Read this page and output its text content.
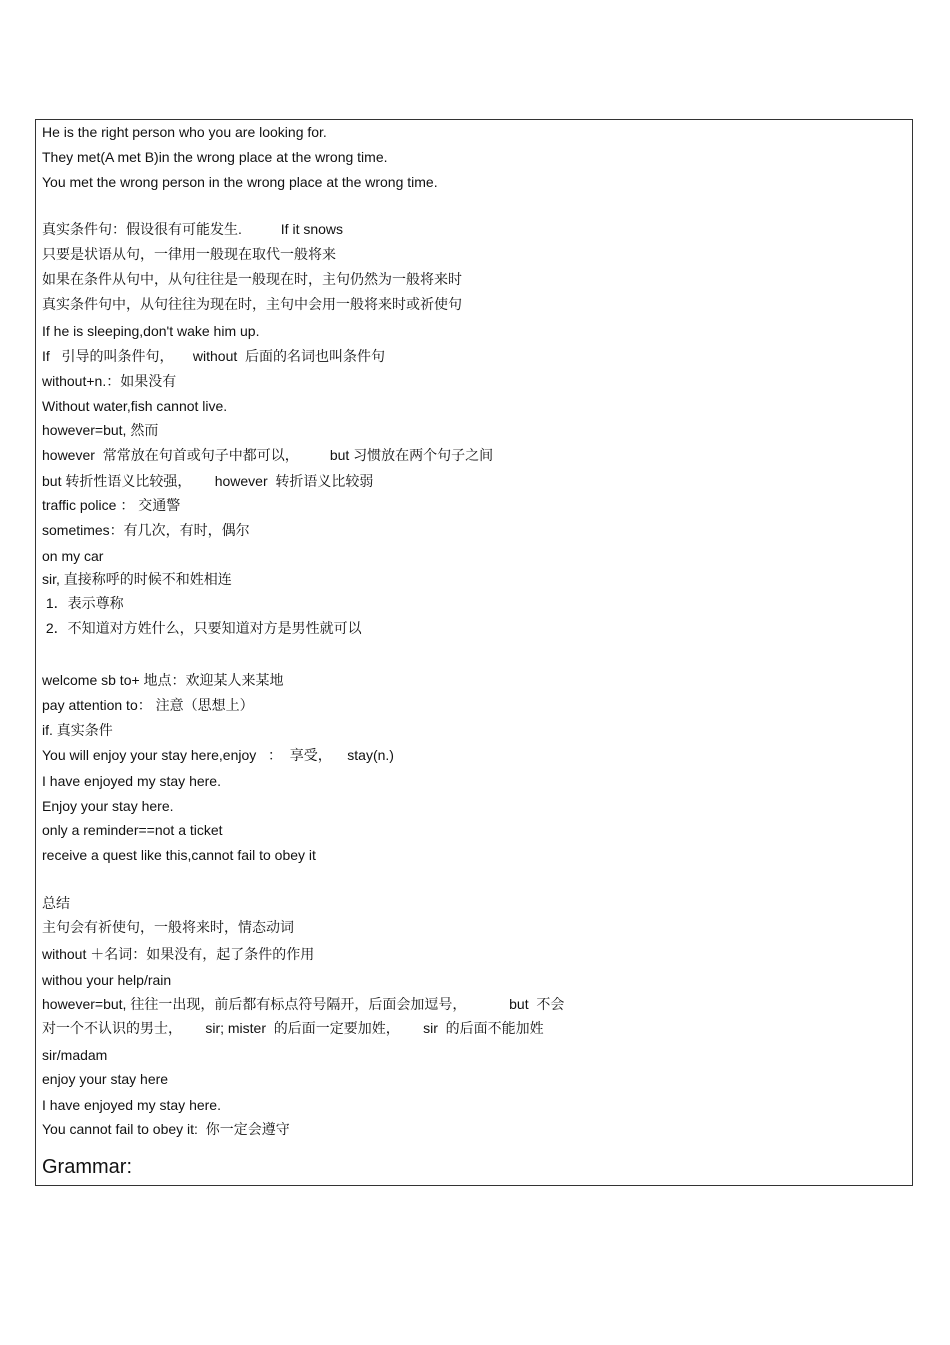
He is the right person who you are looking for.
They met(A met B)in the wrong place at the wrong time.
You met the wrong person in the wrong place at the wrong time.
真实条件句：假设很有可能发生.          If it snows
只要是状语从句，一律用一般现在取代一般将来
如果在条件从句中，从句往往是一般现在时，主句仍然为一般将来时
真实条件句中，从句往往为现在时，主句中会用一般将来时或祈使句
If he is sleeping,don't wake him up.
If   引导的叫条件句，     without  后面的名词也叫条件句
without+n.：如果没有
Without water,fish cannot live.
however=but, 然而
however  常常放在句首或句子中都可以，        but 习惯放在两个句子之间
but 转折性语义比较强，      however  转折语义比较弱
traffic police ： 交通警
sometimes：有几次，有时，偶尔
on my car
sir, 直接称呼的时候不和姓相连
1．表示尊称
2．不知道对方姓什么，只要知道对方是男性就可以
welcome sb to+ 地点：欢迎某人来某地
pay attention to： 注意（思想上）
if. 真实条件
You will enjoy your stay here,enjoy   ：  享受，    stay(n.)
I have enjoyed my stay here.
Enjoy your stay here.
only a reminder==not a ticket
receive a quest like this,cannot fail to obey it
总结
主句会有祈使句，一般将来时，情态动词
without ＋名词：如果没有，起了条件的作用
withou your help/rain
however=but, 往往一出现，前后都有标点符号隔开，后面会加逗号，           but  不会
对一个不认识的男士，      sir; mister  的后面一定要加姓，      sir  的后面不能加姓
sir/madam
enjoy your stay here
I have enjoyed my stay here.
You cannot fail to obey it:  你一定会遵守
Grammar:
